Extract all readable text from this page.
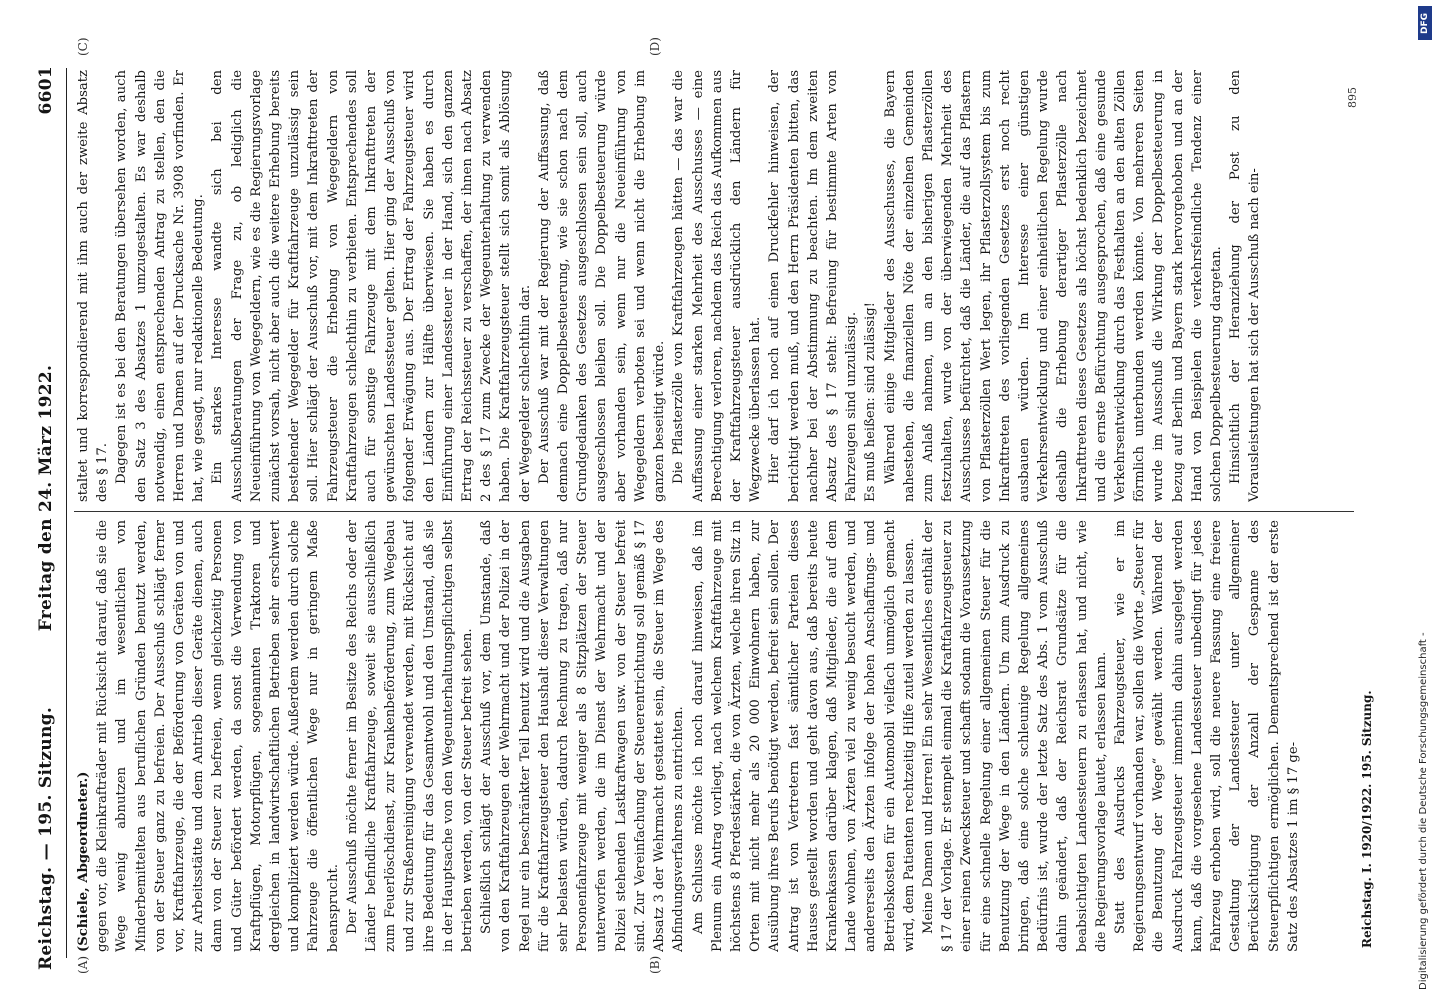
Reichstag. — 195. Sitzung.
Freitag den 24. März 1922.
6601
(A)	(B)
(C)	(D)

(Schiele, Abgeordneter.) gegen vor, die Kleinkrafträder mit Rücksicht darauf, daß sie die Wege wenig abnutzen und im wesentlichen von Minderbemittelten aus beruflichen Gründen benutzt werden, von der Steuer ganz zu befreien. Der Ausschuß schlägt ferner vor, Kraftfahrzeuge, die der Beförderung von Geräten von und zur Arbeitsstätte und dem Antrieb dieser Geräte dienen, auch dann von der Steuer zu befreien, wenn gleichzeitig Personen und Güter befördert werden, da sonst die Verwendung von Kraftpflügen, Motorpflügen, sogenannten Traktoren und dergleichen in landwirtschaftlichen Betrieben sehr erschwert und kompliziert werden würde. Außerdem werden durch solche Fahrzeuge die öffentlichen Wege nur in geringem Maße beansprucht. Der Ausschuß möchte ferner im Besitze des Reichs oder der Länder befindliche Kraftfahrzeuge, soweit sie ausschließlich zum Feuerlöschdienst, zur Krankenbeförderung, zum Wegebau und zur Straßenreinigung verwendet werden, mit Rücksicht auf ihre Bedeutung für das Gesamtwohl und den Umstand, daß sie in der Hauptsache von den Wegeunterhaltungspflichtigen selbst betrieben werden, von der Steuer befreit sehen. Schließlich schlägt der Ausschuß vor, dem Umstande, daß von den Kraftfahrzeugen der Wehrmacht und der Polizei in der Regel nur ein beschränkter Teil benutzt wird und die Ausgaben für die Kraftfahrzeugsteuer den Haushalt dieser Verwaltungen sehr belasten würden, dadurch Rechnung zu tragen, daß nur Personenfahrzeuge mit weniger als 8 Sitzplätzen der Steuer unterworfen werden, die im Dienst der Wehrmacht und der Polizei stehenden Lastkraftwagen usw. von der Steuer befreit sind. Zur Vereinfachung der Steuerentrichtung soll gemäß § 17 Absatz 3 der Wehrmacht gestattet sein, die Steuer im Wege des Abfindungsverfahrens zu entrichten. Am Schlusse möchte ich noch darauf hinweisen, daß im Plenum ein Antrag vorliegt, nach welchem Kraftfahrzeuge mit höchstens 8 Pferdestärken, die von Ärzten, welche ihren Sitz in Orten mit nicht mehr als 20 000 Einwohnern haben, zur Ausübung ihres Berufs benötigt werden, befreit sein sollen. Der Antrag ist von Vertretern fast sämtlicher Parteien dieses Hauses gestellt worden und geht davon aus, daß bereits heute Krankenkassen darüber klagen, daß Mitglieder, die auf dem Lande wohnen, von Ärzten viel zu wenig besucht werden, und andererseits den Ärzten infolge der hohen Anschaffungs- und Betriebskosten für ein Automobil vielfach unmöglich gemacht wird, dem Patienten rechtzeitig Hilfe zuteil werden zu lassen. Meine Damen und Herren! Ein sehr Wesentliches enthält der § 17 der Vorlage. Er stempelt einmal die Kraftfahrzeugsteuer zu einer reinen Zwecksteuer und schafft sodann die Voraussetzung für eine schnelle Regelung einer allgemeinen Steuer für die Benutzung der Wege in den Ländern. Um zum Ausdruck zu bringen, daß eine solche schleunige Regelung allgemeines Bedürfnis ist, wurde der letzte Satz des Abs. 1 vom Ausschuß dahin geändert, daß der Reichsrat Grundsätze für die beabsichtigten Landessteuern zu erlassen hat, und nicht, wie die Regierungsvorlage lautet, erlassen kann. Statt des Ausdrucks Fahrzeugsteuer, wie er im Regierungsentwurf vorhanden war, sollen die Worte „Steuer für die Benutzung der Wege“ gewählt werden. Während der Ausdruck Fahrzeugsteuer immerhin dahin ausgelegt werden kann, daß die vorgesehene Landessteuer unbedingt für jedes Fahrzeug erhoben wird, soll die neuere Fassung eine freiere Gestaltung der Landessteuer unter allgemeiner Berücksichtigung der Anzahl der Gespanne des Steuerpflichtigen ermöglichen. Dementsprechend ist der erste Satz des Absatzes 1 im § 17 ge-

staltet und korrespondierend mit ihm auch der zweite Absatz des § 17. Dagegen ist es bei den Beratungen übersehen worden, auch den Satz 3 des Absatzes 1 umzugestalten. Es war deshalb notwendig, einen entsprechenden Antrag zu stellen, den die Herren und Damen auf der Drucksache Nr. 3908 vorfinden. Er hat, wie gesagt, nur redaktionelle Bedeutung. Ein starkes Interesse wandte sich bei den Ausschußberatungen der Frage zu, ob lediglich die Neueinführung von Wegegeldern, wie es die Regierungsvorlage zunächst vorsah, nicht aber auch die weitere Erhebung bereits bestehender Wegegelder für Kraftfahrzeuge unzulässig sein soll. Hier schlägt der Ausschuß vor, mit dem Inkrafttreten der Fahrzeugsteuer die Erhebung von Wegegeldern von Kraftfahrzeugen schlechthin zu verbieten. Entsprechendes soll auch für sonstige Fahrzeuge mit dem Inkrafttreten der gewünschten Landessteuer gelten. Hier ging der Ausschuß von folgender Erwägung aus. Der Ertrag der Fahrzeugsteuer wird den Ländern zur Hälfte überwiesen. Sie haben es durch Einführung einer Landessteuer in der Hand, sich den ganzen Ertrag der Reichssteuer zu verschaffen, der ihnen nach Absatz 2 des § 17 zum Zwecke der Wegeunterhaltung zu verwenden haben. Die Kraftfahrzeugsteuer stellt sich somit als Ablösung der Wegegelder schlechthin dar. Der Ausschuß war mit der Regierung der Auffassung, daß demnach eine Doppelbesteuerung, wie sie schon nach dem Grundgedanken des Gesetzes ausgeschlossen sein soll, auch ausgeschlossen bleiben soll. Die Doppelbesteuerung würde aber vorhanden sein, wenn nur die Neueinführung von Wegegeldern verboten sei und wenn nicht die Erhebung im ganzen beseitigt würde. Die Pflasterzölle von Kraftfahrzeugen hätten — das war die Auffassung einer starken Mehrheit des Ausschusses — eine Berechtigung verloren, nachdem das Reich das Aufkommen aus der Kraftfahrzeugsteuer ausdrücklich den Ländern für Wegzwecke überlassen hat. Hier darf ich noch auf einen Druckfehler hinweisen, der berichtigt werden muß, und den Herrn Präsidenten bitten, das nachher bei der Abstimmung zu beachten. Im dem zweiten Absatz des § 17 steht: Befreiung für bestimmte Arten von Fahrzeugen sind unzulässig. Es muß heißen: sind zulässig! Während einige Mitglieder des Ausschusses, die Bayern nahestehen, die finanziellen Nöte der einzelnen Gemeinden zum Anlaß nahmen, um an den bisherigen Pflasterzöllen festzuhalten, wurde von der überwiegenden Mehrheit des Ausschusses befürchtet, daß die Länder, die auf das Pflastern von Pflasterzöllen Wert legen, ihr Pflasterzollsystem bis zum Inkrafttreten des vorliegenden Gesetzes erst noch recht ausbauen würden. Im Interesse einer günstigen Verkehrsentwicklung und einer einheitlichen Regelung wurde deshalb die Erhebung derartiger Pflasterzölle nach Inkrafttreten dieses Gesetzes als höchst bedenklich bezeichnet und die ernste Befürchtung ausgesprochen, daß eine gesunde Verkehrsentwicklung durch das Festhalten an den alten Zöllen förmlich unterbunden werden könnte. Von mehreren Seiten wurde im Ausschuß die Wirkung der Doppelbesteuerung in bezug auf Berlin und Bayern stark hervorgehoben und an der Hand von Beispielen die verkehrsfeindliche Tendenz einer solchen Doppelbesteuerung dargetan. Hinsichtlich der Heranziehung der Post zu den Vorausleistungen hat sich der Ausschuß nach ein-

Reichstag. I. 1920/1922. 195. Sitzung.
895
Digitalisierung gefördert durch die Deutsche Forschungsgemeinschaft -
DFG
